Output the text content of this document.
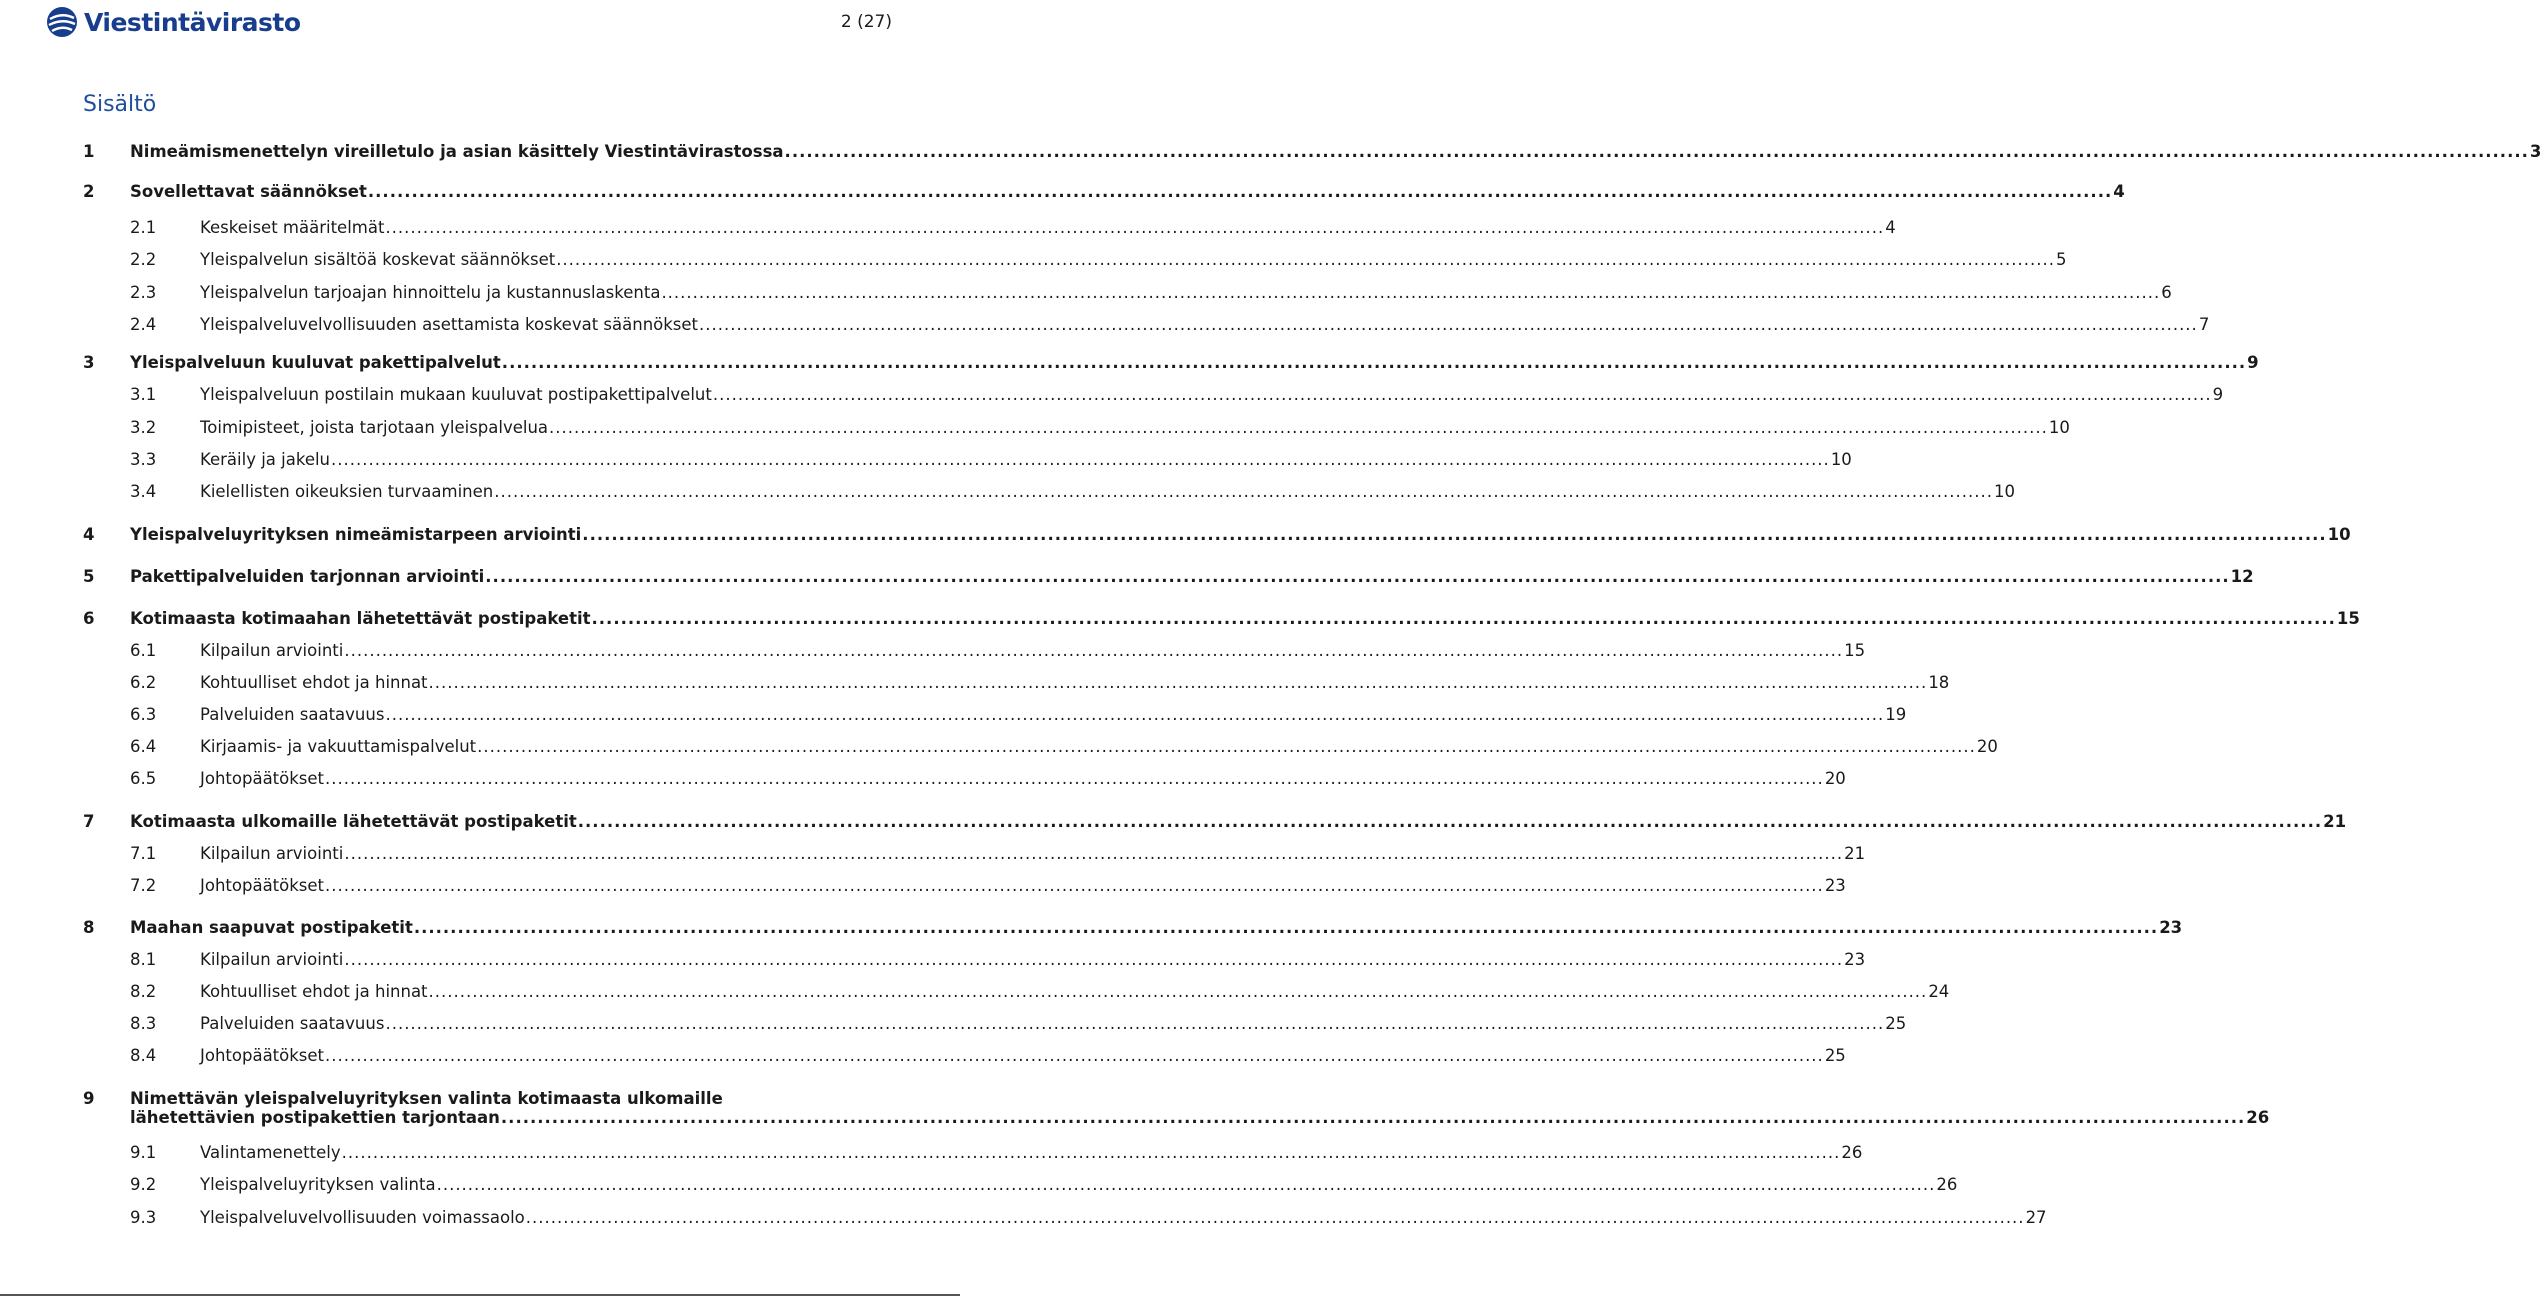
Viestintävirasto	2 (27)
Sisältö
1	Nimeämismenettelyn vireilletulo ja asian käsittely Viestintävirastossa .....	3
2	Sovellettavat säännökset .....	4
2.1	Keskeiset määritelmät .....	4
2.2	Yleispalvelun sisältöä koskevat säännökset .....	5
2.3	Yleispalvelun tarjoajan hinnoittelu ja kustannuslaskenta .....	6
2.4	Yleispalveluvelvollisuuden asettamista koskevat säännökset .....	7
3	Yleispalveluun kuuluvat pakettipalvelut .....	9
3.1	Yleispalveluun postilain mukaan kuuluvat postipakettipalvelut .....	9
3.2	Toimipisteet, joista tarjotaan yleispalvelua .....	10
3.3	Keräily ja jakelu .....	10
3.4	Kielellisten oikeuksien turvaaminen .....	10
4	Yleispalveluyrityksen nimeämistarpeen arviointi .....	10
5	Pakettipalveluiden tarjonnan arviointi .....	12
6	Kotimaasta kotimaahan lähetettävät postipaketit .....	15
6.1	Kilpailun arviointi .....	15
6.2	Kohtuulliset ehdot ja hinnat .....	18
6.3	Palveluiden saatavuus .....	19
6.4	Kirjaamis- ja vakuuttamispalvelut .....	20
6.5	Johtopäätökset .....	20
7	Kotimaasta ulkomaille lähetettävät postipaketit .....	21
7.1	Kilpailun arviointi .....	21
7.2	Johtopäätökset .....	23
8	Maahan saapuvat postipaketit .....	23
8.1	Kilpailun arviointi .....	23
8.2	Kohtuulliset ehdot ja hinnat .....	24
8.3	Palveluiden saatavuus .....	25
8.4	Johtopäätökset .....	25
9	Nimettävän yleispalveluyrityksen valinta kotimaasta ulkomaille
lähetettävien postipakettien tarjontaan .....	26
9.1	Valintamenettely .....	26
9.2	Yleispalveluyrityksen valinta .....	26
9.3	Yleispalveluvelvollisuuden voimassaolo .....	27
